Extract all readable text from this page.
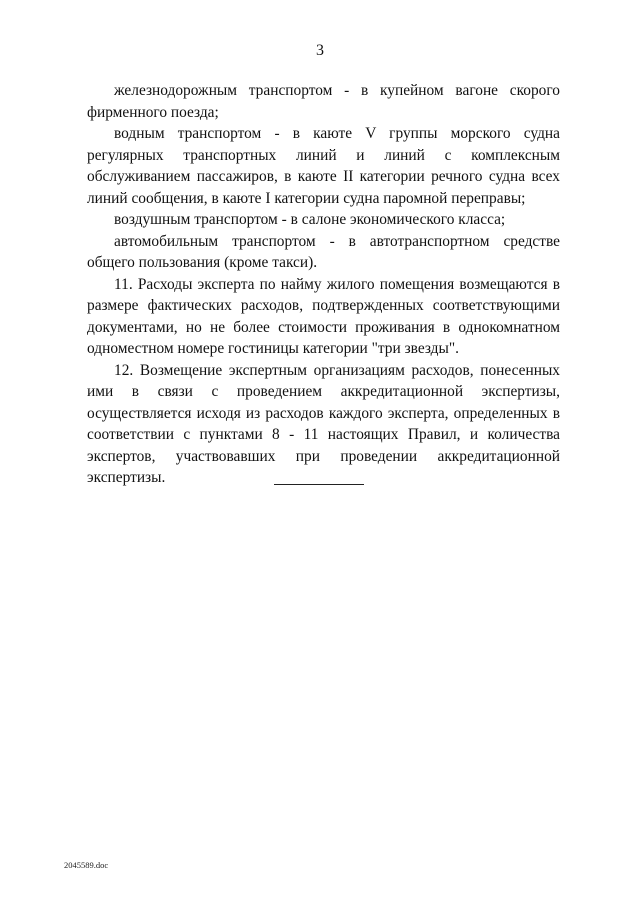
3

железнодорожным транспортом - в купейном вагоне скорого фирменного поезда;

водным транспортом - в каюте V группы морского судна регулярных транспортных линий и линий с комплексным обслуживанием пассажиров, в каюте II категории речного судна всех линий сообщения, в каюте I категории судна паромной переправы;

воздушным транспортом - в салоне экономического класса;

автомобильным транспортом - в автотранспортном средстве общего пользования (кроме такси).

11. Расходы эксперта по найму жилого помещения возмещаются в размере фактических расходов, подтвержденных соответствующими документами, но не более стоимости проживания в однокомнатном одноместном номере гостиницы категории "три звезды".

12. Возмещение экспертным организациям расходов, понесенных ими в связи с проведением аккредитационной экспертизы, осуществляется исходя из расходов каждого эксперта, определенных в соответствии с пунктами 8 - 11 настоящих Правил, и количества экспертов, участвовавших при проведении аккредитационной экспертизы.

2045589.doc
